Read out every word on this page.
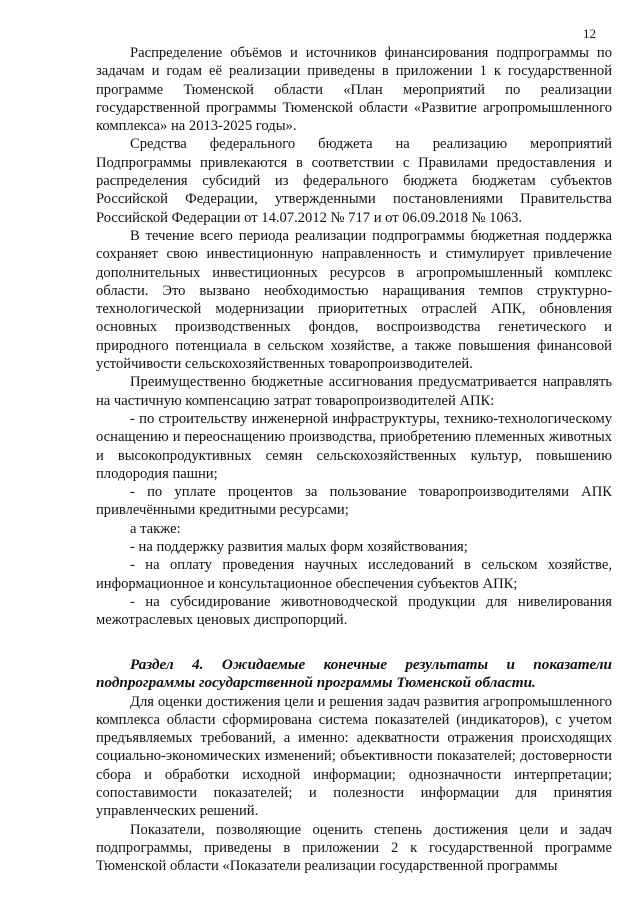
12

Распределение объёмов и источников финансирования подпрограммы по задачам и годам её реализации приведены в приложении 1 к государственной программе Тюменской области «План мероприятий по реализации государственной программы Тюменской области «Развитие агропромышленного комплекса» на 2013-2025 годы».

Средства федерального бюджета на реализацию мероприятий Подпрограммы привлекаются в соответствии с Правилами предоставления и распределения субсидий из федерального бюджета бюджетам субъектов Российской Федерации, утвержденными постановлениями Правительства Российской Федерации от 14.07.2012 № 717 и от 06.09.2018 № 1063.

В течение всего периода реализации подпрограммы бюджетная поддержка сохраняет свою инвестиционную направленность и стимулирует привлечение дополнительных инвестиционных ресурсов в агропромышленный комплекс области. Это вызвано необходимостью наращивания темпов структурно-технологической модернизации приоритетных отраслей АПК, обновления основных производственных фондов, воспроизводства генетического и природного потенциала в сельском хозяйстве, а также повышения финансовой устойчивости сельскохозяйственных товаропроизводителей.

Преимущественно бюджетные ассигнования предусматривается направлять на частичную компенсацию затрат товаропроизводителей АПК:

- по строительству инженерной инфраструктуры, технико-технологическому оснащению и переоснащению производства, приобретению племенных животных и высокопродуктивных семян сельскохозяйственных культур, повышению плодородия пашни;

- по уплате процентов за пользование товаропроизводителями АПК привлечёнными кредитными ресурсами;

а также:

- на поддержку развития малых форм хозяйствования;

- на оплату проведения научных исследований в сельском хозяйстве, информационное и консультационное обеспечения субъектов АПК;

- на субсидирование животноводческой продукции для нивелирования межотраслевых ценовых диспропорций.

Раздел 4. Ожидаемые конечные результаты и показатели подпрограммы государственной программы Тюменской области.

Для оценки достижения цели и решения задач развития агропромышленного комплекса области сформирована система показателей (индикаторов), с учетом предъявляемых требований, а именно: адекватности отражения происходящих социально-экономических изменений; объективности показателей; достоверности сбора и обработки исходной информации; однозначности интерпретации; сопоставимости показателей; и полезности информации для принятия управленческих решений.

Показатели, позволяющие оценить степень достижения цели и задач подпрограммы, приведены в приложении 2 к государственной программе Тюменской области «Показатели реализации государственной программы
